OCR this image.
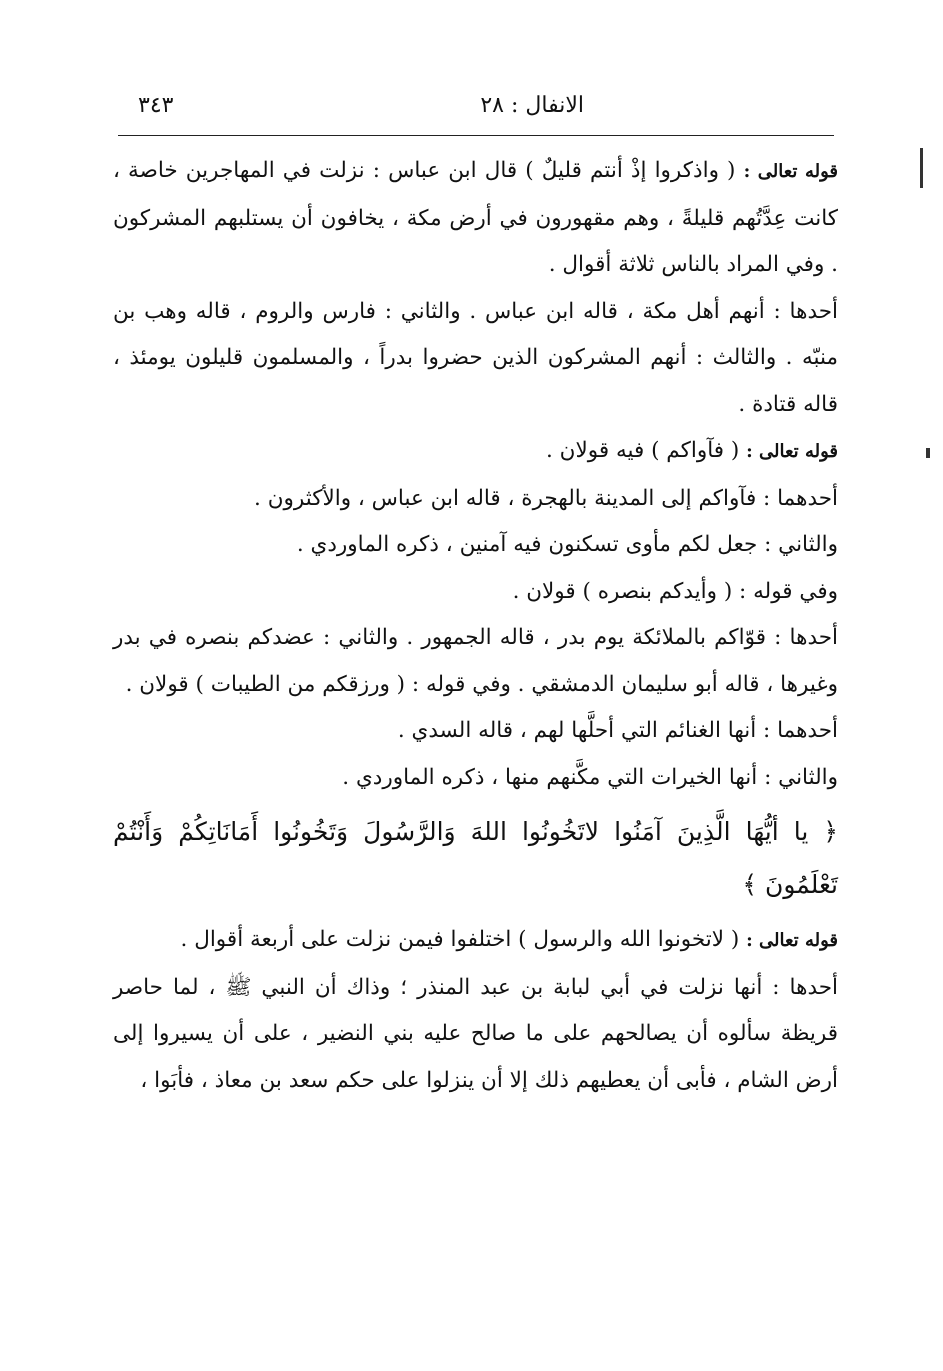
الانفال : ٢٨
٣٤٣

قوله تعالى : ( واذكروا إذْ أنتم قليلٌ ) قال ابن عباس : نزلت في المهاجرين خاصة ، كانت عِدَّتُهم قليلةً ، وهم مقهورون في أرض مكة ، يخافون أن يستلبهم المشركون . وفي المراد بالناس ثلاثة أقوال .

أحدها : أنهم أهل مكة ، قاله ابن عباس . والثاني : فارس والروم ، قاله وهب بن منبّه . والثالث : أنهم المشركون الذين حضروا بدراً ، والمسلمون قليلون يومئذ ، قاله قتادة .

قوله تعالى : ( فآواكم ) فيه قولان .

أحدهما : فآواكم إلى المدينة بالهجرة ، قاله ابن عباس ، والأكثرون .

والثاني : جعل لكم مأوى تسكنون فيه آمنين ، ذكره الماوردي .

وفي قوله : ( وأيدكم بنصره ) قولان .

أحدها : قوّاكم بالملائكة يوم بدر ، قاله الجمهور . والثاني : عضدكم بنصره في بدر وغيرها ، قاله أبو سليمان الدمشقي . وفي قوله : ( ورزقكم من الطيبات ) قولان .

أحدهما : أنها الغنائم التي أحلَّها لهم ، قاله السدي .

والثاني : أنها الخيرات التي مكَّنهم منها ، ذكره الماوردي .

﴿ يا أيُّهَا الَّذِينَ آمَنُوا لاتَخُونُوا اللهَ وَالرَّسُولَ وَتَخُونُوا أَمَانَاتِكُمْ وَأَنْتُمْ تَعْلَمُونَ ﴾

قوله تعالى : ( لاتخونوا الله والرسول ) اختلفوا فيمن نزلت على أربعة أقوال .

أحدها : أنها نزلت في أبي لبابة بن عبد المنذر ؛ وذاك أن النبي ﷺ ، لما حاصر قريظة سألوه أن يصالحهم على ما صالح عليه بني النضير ، على أن يسيروا إلى أرض الشام ، فأبى أن يعطيهم ذلك إلا أن ينزلوا على حكم سعد بن معاذ ، فأبَوا ،
